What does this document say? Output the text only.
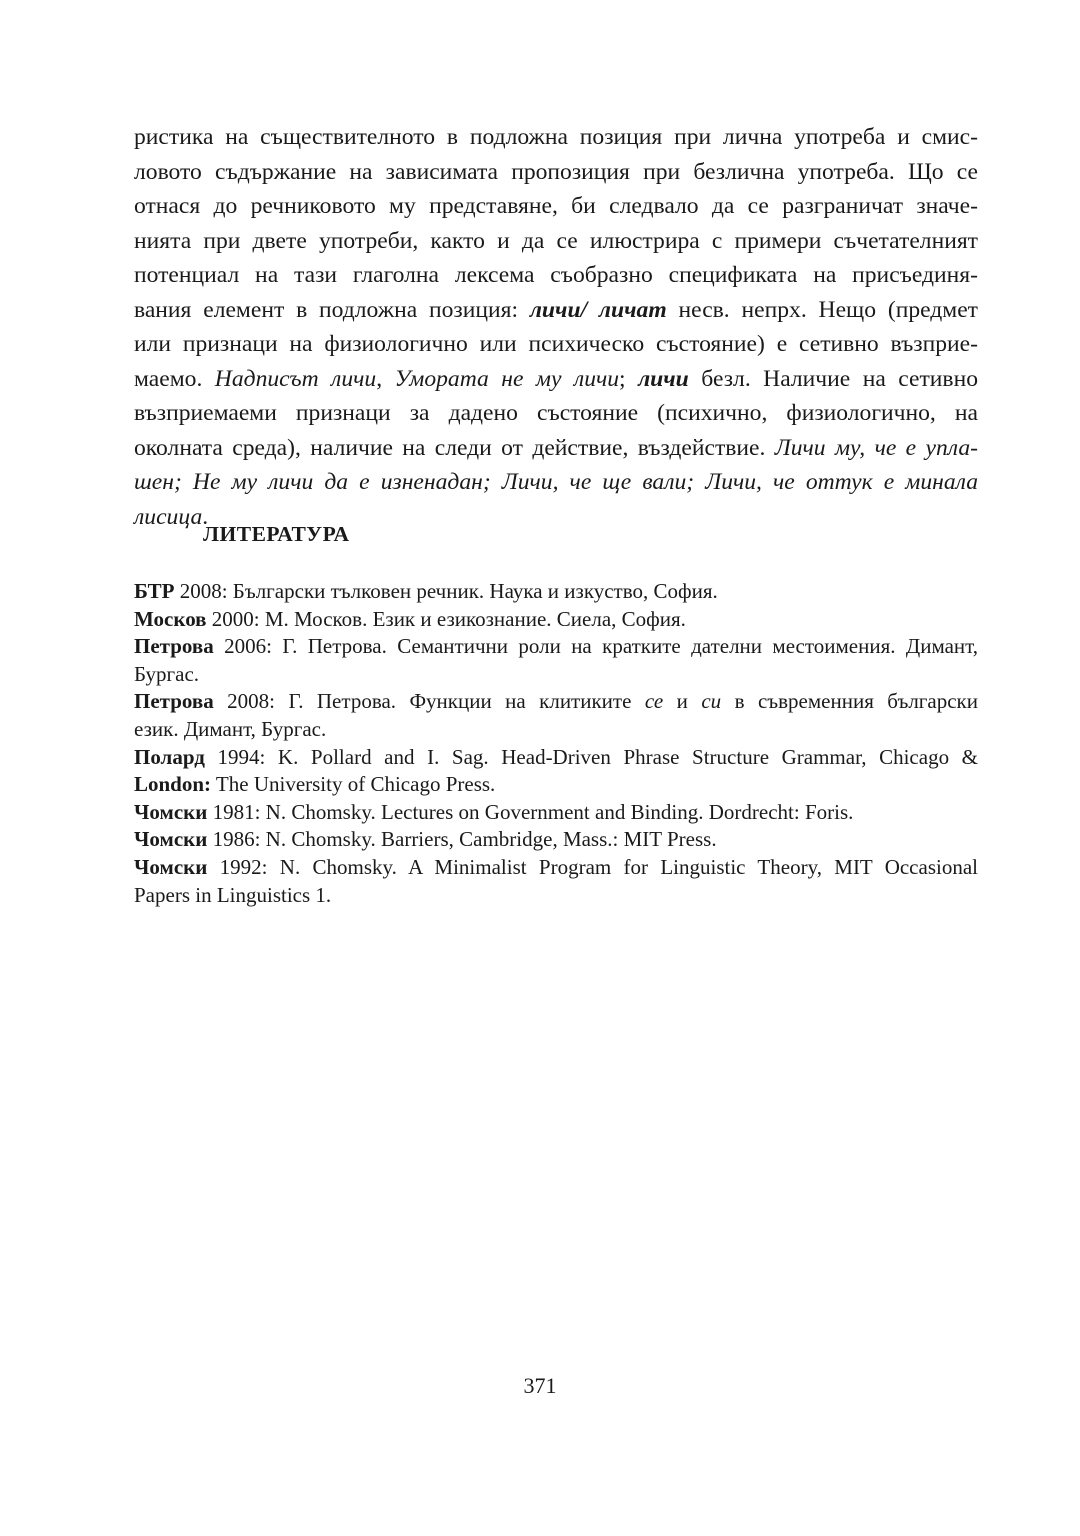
ристика на съществителното в подложна позиция при лична употреба и смис-
ловото съдържание на зависимата пропозиция при безлична употреба. Що се
отнася до речниковото му представяне, би следвало да се разграничат значе-
нията при двете употреби, както и да се илюстрира с примери съчетателният
потенциал на тази глаголна лексема съобразно спецификата на присъединя-
вания елемент в подложна позиция: личи/ личат несв. непрх. Нещо (предмет
или признаци на физиологично или психическо състояние) е сетивно възприе-
маемо. Надписът личи, Умората не му личи; личи безл. Наличие на сетивно
възприемаеми признаци за дадено състояние (психично, физиологично, на
околната среда), наличие на следи от действие, въздействие. Личи му, че е упла-
шен; Не му личи да е изненадан; Личи, че ще вали; Личи, че оттук е минала
лисица.
ЛИТЕРАТУРА
БТР 2008: Български тълковен речник. Наука и изкуство, София.
Москов 2000: М. Москов. Език и езикознание. Сиела, София.
Петрова 2006: Г. Петрова. Семантични роли на кратките дателни местоимения. Димант,
Бургас.
Петрова 2008: Г. Петрова. Функции на клитиките се и си в съвременния български
език. Димант, Бургас.
Полард 1994: K. Pollard and I. Sag. Head-Driven Phrase Structure Grammar, Chicago &
London: The University of Chicago Press.
Чомски 1981: N. Chomsky. Lectures on Government and Binding. Dordrecht: Foris.
Чомски 1986: N. Chomsky. Barriers, Cambridge, Mass.: MIT Press.
Чомски 1992: N. Chomsky. A Minimalist Program for Linguistic Theory, MIT Occasional
Papers in Linguistics 1.
371
